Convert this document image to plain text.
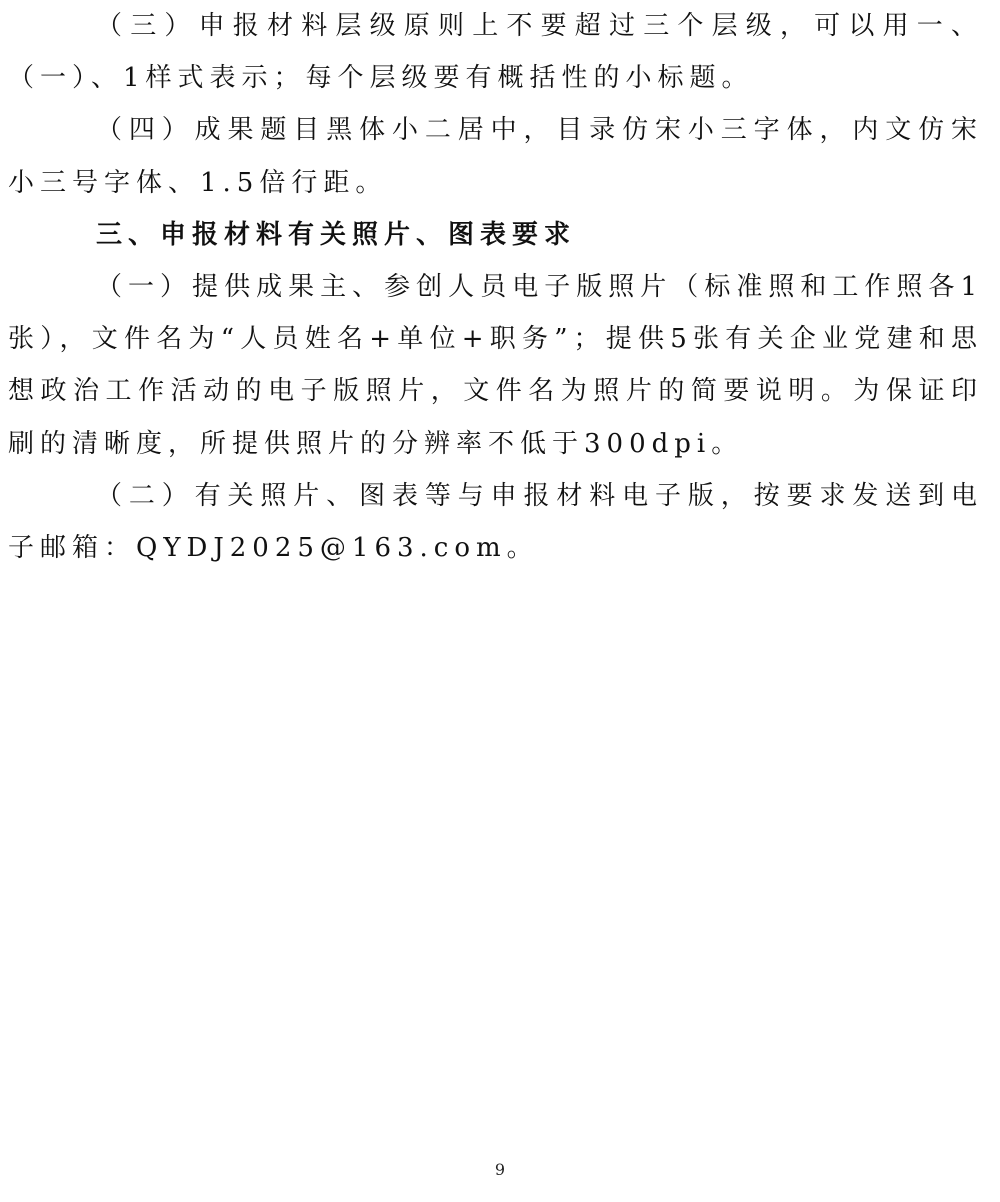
（三）申报材料层级原则上不要超过三个层级，可以用一、（一）、1样式表示；每个层级要有概括性的小标题。

（四）成果题目黑体小二居中，目录仿宋小三字体，内文仿宋小三号字体、1.5倍行距。

三、申报材料有关照片、图表要求

（一）提供成果主、参创人员电子版照片（标准照和工作照各1张），文件名为“人员姓名+单位+职务”；提供5张有关企业党建和思想政治工作活动的电子版照片，文件名为照片的简要说明。为保证印刷的清晰度，所提供照片的分辨率不低于300dpi。

（二）有关照片、图表等与申报材料电子版，按要求发送到电子邮箱：QYDJ2025@163.com。

9
